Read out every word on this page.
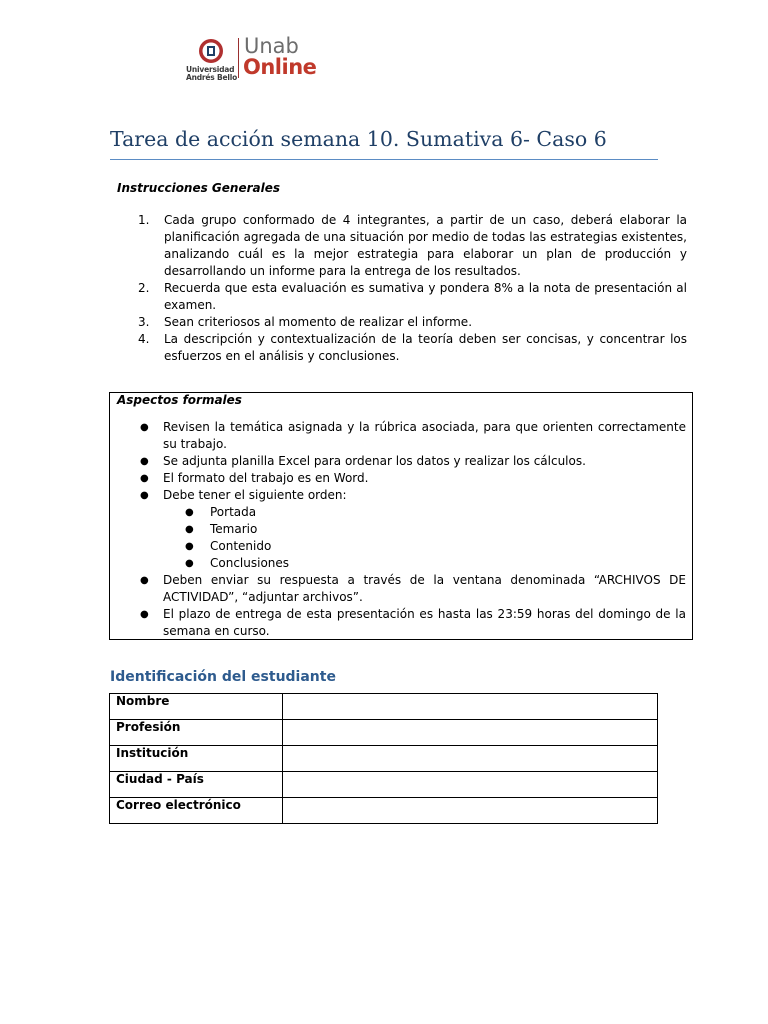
Universidad
Andrés Bello
Unab
Online
Tarea de acción semana 10. Sumativa 6- Caso 6
Instrucciones Generales
1. Cada grupo conformado de 4 integrantes, a partir de un caso, deberá elaborar la planificación agregada de una situación por medio de todas las estrategias existentes, analizando cuál es la mejor estrategia para elaborar un plan de producción y desarrollando un informe para la entrega de los resultados.
2. Recuerda que esta evaluación es sumativa y pondera 8% a la nota de presentación al examen.
3. Sean criteriosos al momento de realizar el informe.
4. La descripción y contextualización de la teoría deben ser concisas, y concentrar los esfuerzos en el análisis y conclusiones.
Aspectos formales
● Revisen la temática asignada y la rúbrica asociada, para que orienten correctamente su trabajo.
● Se adjunta planilla Excel para ordenar los datos y realizar los cálculos.
● El formato del trabajo es en Word.
● Debe tener el siguiente orden:
● Portada
● Temario
● Contenido
● Conclusiones
● Deben enviar su respuesta a través de la ventana denominada “ARCHIVOS DE ACTIVIDAD”, “adjuntar archivos”.
● El plazo de entrega de esta presentación es hasta las 23:59 horas del domingo de la semana en curso.
Identificación del estudiante
Nombre	
Profesión	
Institución	
Ciudad - País	
Correo electrónico	
